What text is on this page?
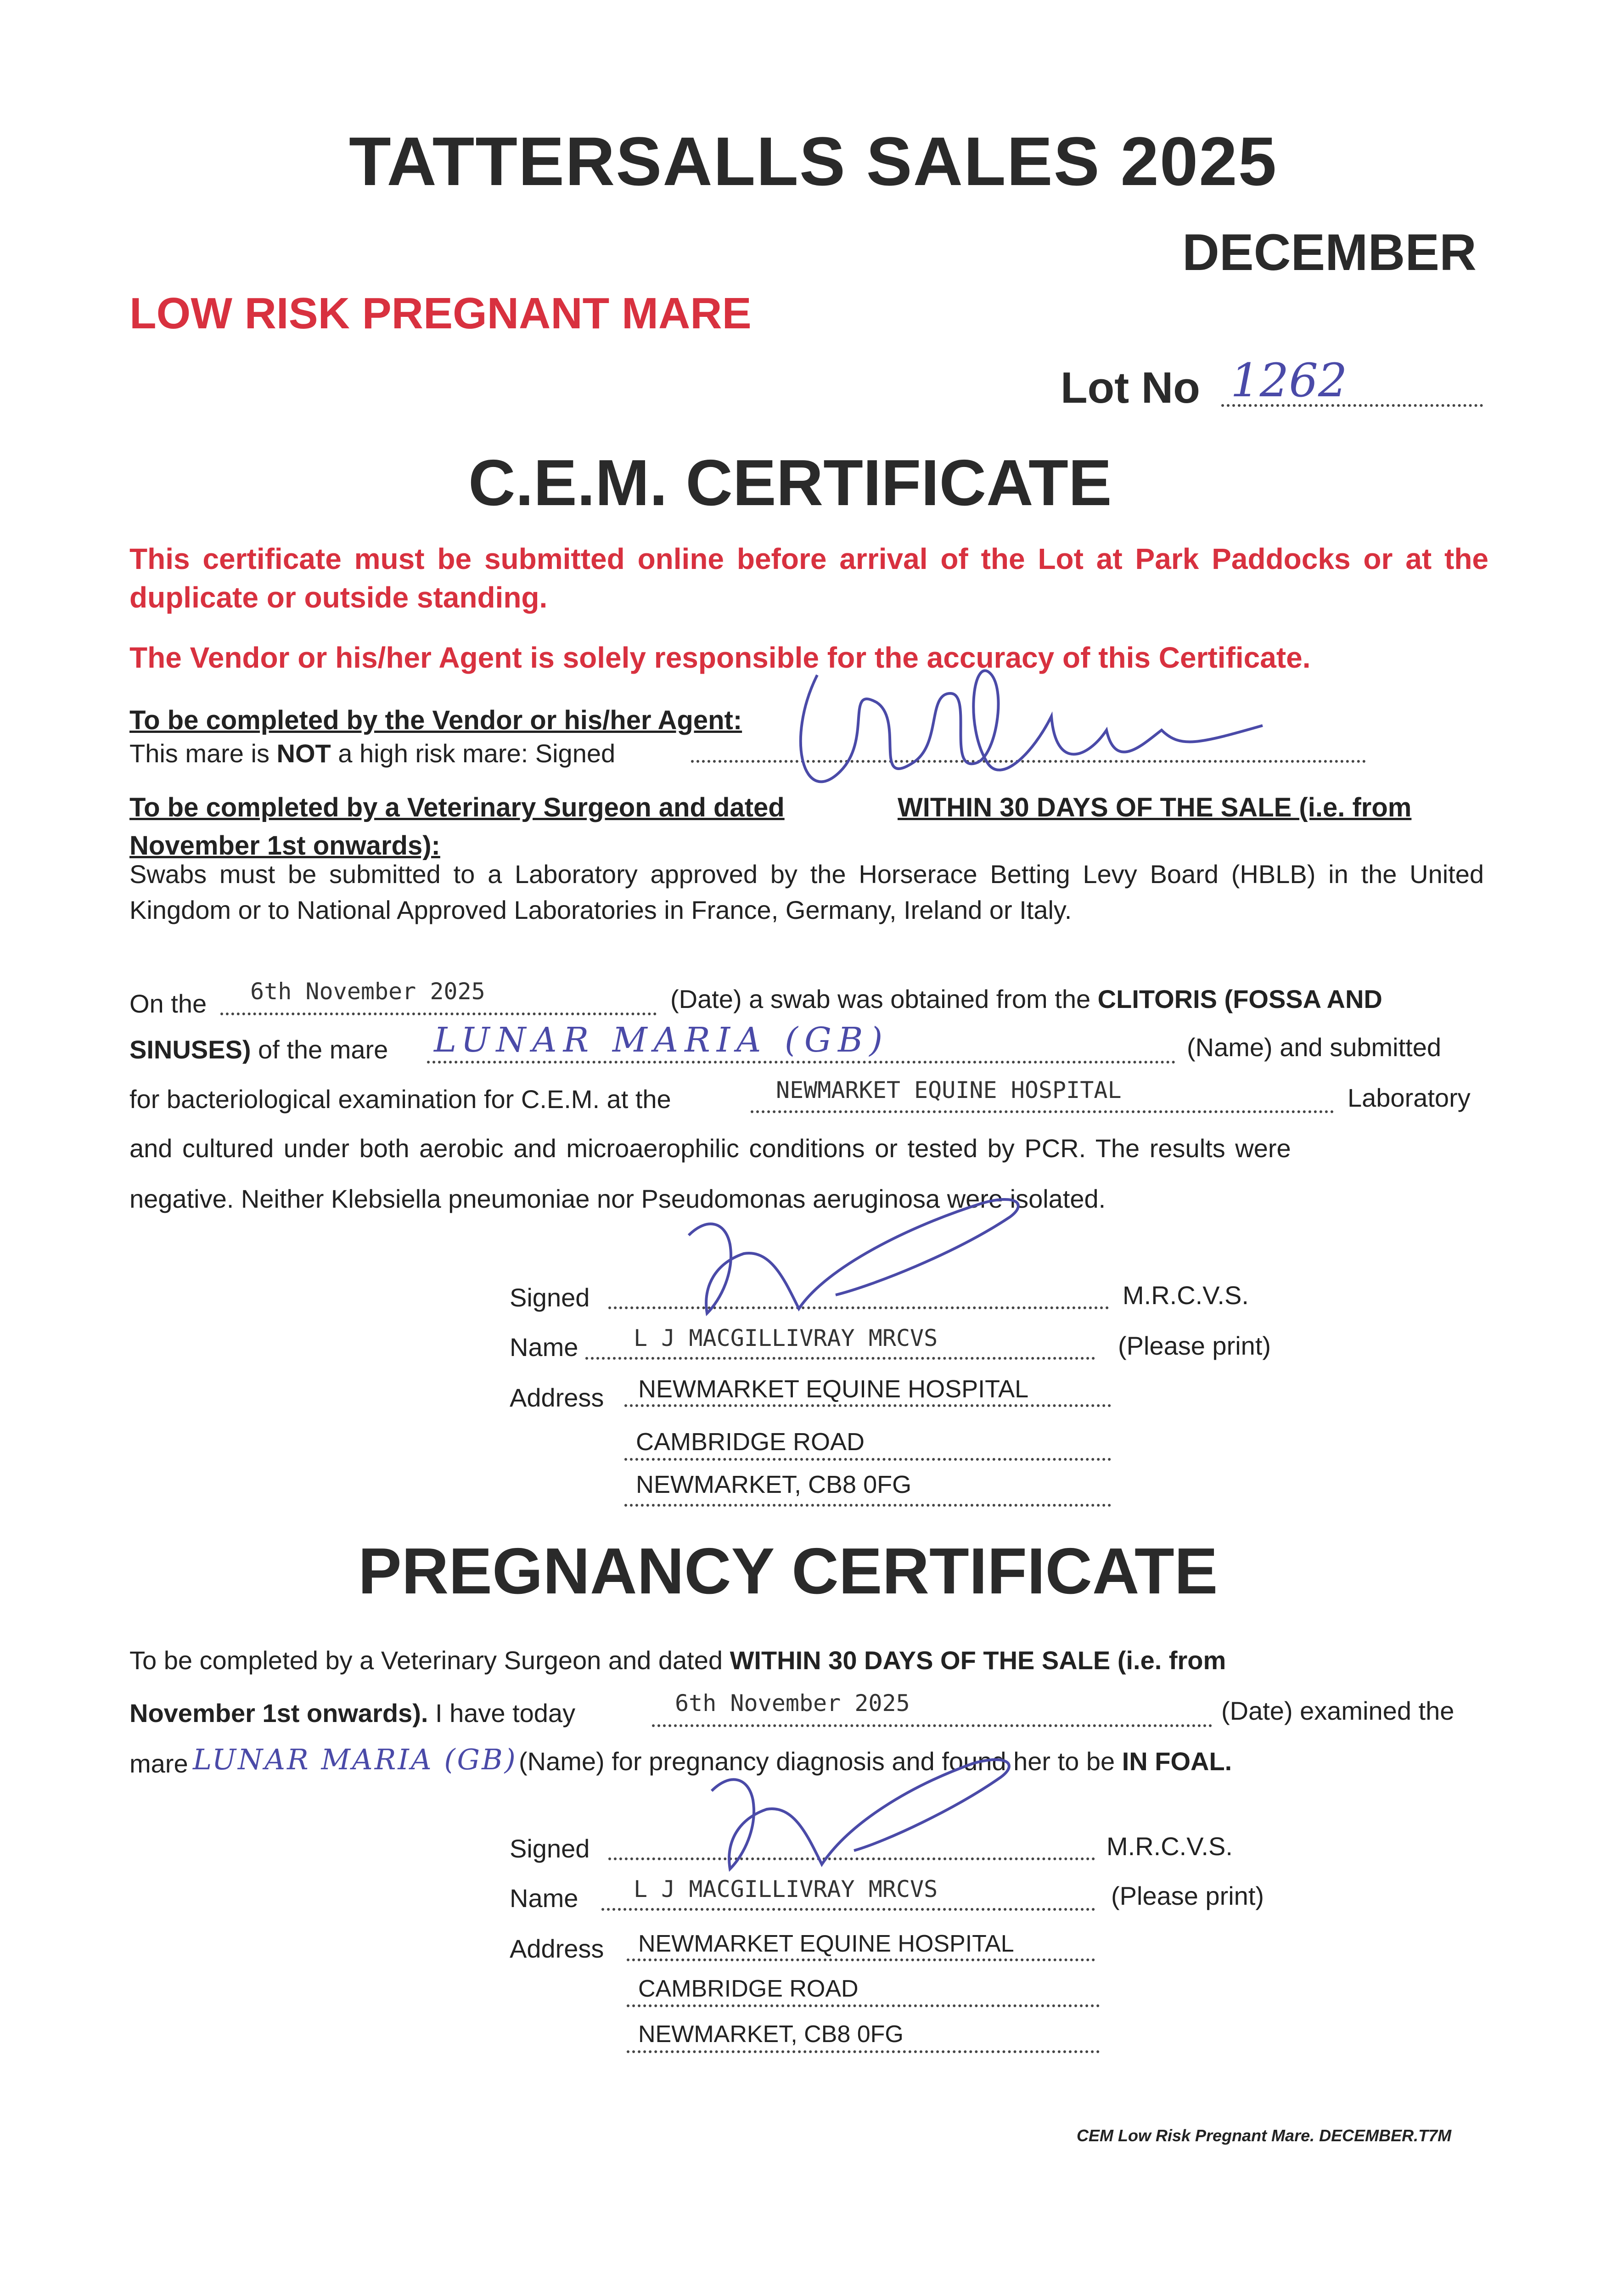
TATTERSALLS SALES 2025
DECEMBER
LOW RISK PREGNANT MARE
Lot No 1262
C.E.M. CERTIFICATE
This certificate must be submitted online before arrival of the Lot at Park Paddocks or at the duplicate or outside standing.
The Vendor or his/her Agent is solely responsible for the accuracy of this Certificate.
To be completed by the Vendor or his/her Agent:
This mare is NOT a high risk mare: Signed
To be completed by a Veterinary Surgeon and dated	WITHIN 30 DAYS OF THE SALE (i.e. from
November 1st onwards):
Swabs must be submitted to a Laboratory approved by the Horserace Betting Levy Board (HBLB) in the United Kingdom or to National Approved Laboratories in France, Germany, Ireland or Italy.
On the 6th November 2025	(Date) a swab was obtained from the CLITORIS (FOSSA AND
SINUSES) of the mare LUNAR MARIA (GB)	(Name) and submitted
for bacteriological examination for C.E.M. at the	NEWMARKET EQUINE HOSPITAL	Laboratory
and cultured under both aerobic and microaerophilic conditions or tested by PCR. The results were
negative. Neither Klebsiella pneumoniae nor Pseudomonas aeruginosa were isolated.
Signed	M.R.C.V.S.
Name L J MACGILLIVRAY MRCVS	(Please print)
Address NEWMARKET EQUINE HOSPITAL
CAMBRIDGE ROAD
NEWMARKET, CB8 0FG
PREGNANCY CERTIFICATE
To be completed by a Veterinary Surgeon and dated WITHIN 30 DAYS OF THE SALE (i.e. from
November 1st onwards). I have today	6th November 2025	(Date) examined the
mare LUNAR MARIA (GB) (Name) for pregnancy diagnosis and found her to be IN FOAL.
Signed	M.R.C.V.S.
Name L J MACGILLIVRAY MRCVS	(Please print)
Address NEWMARKET EQUINE HOSPITAL
CAMBRIDGE ROAD
NEWMARKET, CB8 0FG
CEM Low Risk Pregnant Mare. DECEMBER.T7M
